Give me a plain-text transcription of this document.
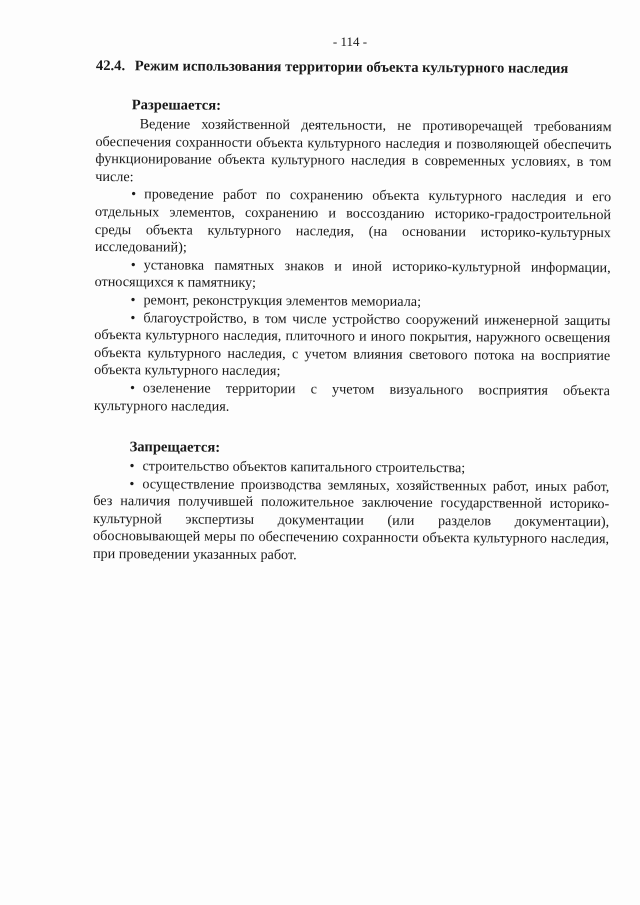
- 114 -
42.4. Режим использования территории объекта культурного наследия
Разрешается:

Ведение хозяйственной деятельности, не противоречащей требованиям обеспечения сохранности объекта культурного наследия и позволяющей обеспечить функционирование объекта культурного наследия в современных условиях, в том числе:

• проведение работ по сохранению объекта культурного наследия и его отдельных элементов, сохранению и воссозданию историко-градостроительной среды объекта культурного наследия, (на основании историко-культурных исследований);

• установка памятных знаков и иной историко-культурной информации, относящихся к памятнику;

• ремонт, реконструкция элементов мемориала;

• благоустройство, в том числе устройство сооружений инженерной защиты объекта культурного наследия, плиточного и иного покрытия, наружного освещения объекта культурного наследия, с учетом влияния светового потока на восприятие объекта культурного наследия;

• озеленение территории с учетом визуального восприятия объекта культурного наследия.

Запрещается:

• строительство объектов капитального строительства;

• осуществление производства земляных, хозяйственных работ, иных работ, без наличия получившей положительное заключение государственной историко-культурной экспертизы документации (или разделов документации), обосновывающей меры по обеспечению сохранности объекта культурного наследия, при проведении указанных работ.
